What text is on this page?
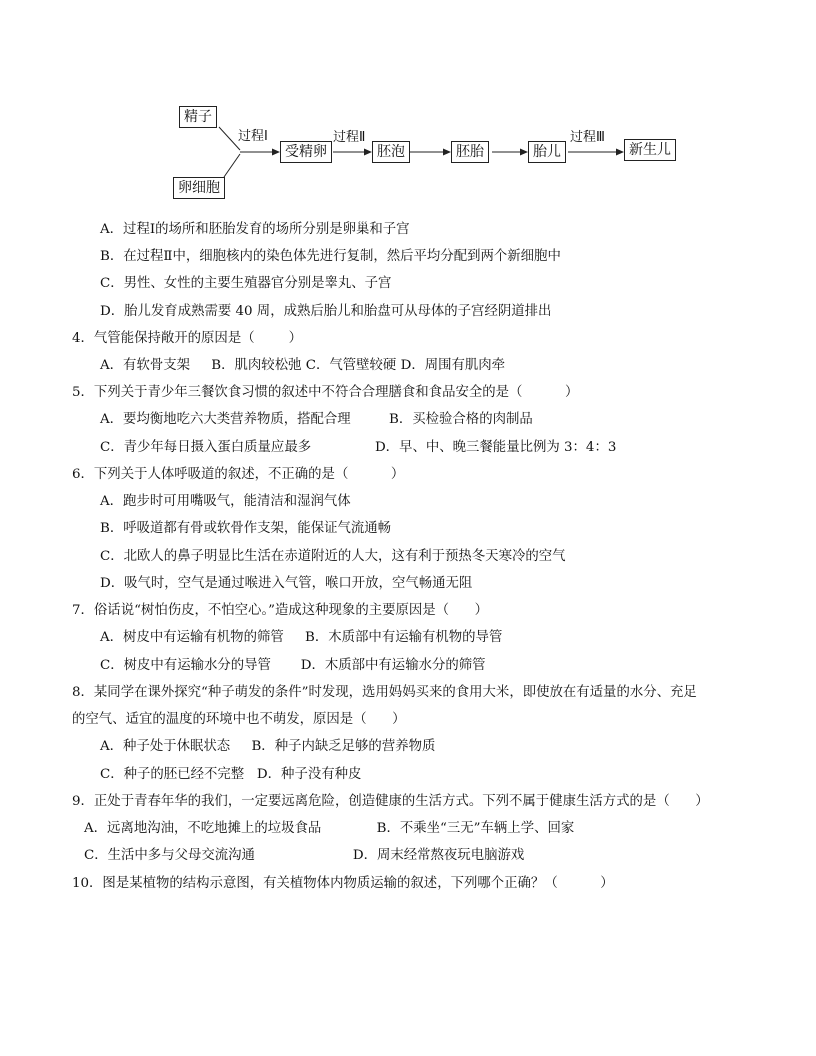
精子
卵细胞
过程Ⅰ
受精卵
过程Ⅱ
胚泡	胚胎	胎儿
过程Ⅲ
新生儿
A．过程Ⅰ的场所和胚胎发育的场所分别是卵巢和子宫
B．在过程Ⅱ中，细胞核内的染色体先进行复制，然后平均分配到两个新细胞中
C．男性、女性的主要生殖器官分别是睾丸、子宫
D．胎儿发育成熟需要 40 周，成熟后胎儿和胎盘可从母体的子宫经阴道排出
4．气管能保持敞开的原因是（        ）
A．有软骨支架     B．肌肉较松弛 C．气管壁较硬 D．周围有肌肉牵
5．下列关于青少年三餐饮食习惯的叙述中不符合合理膳食和食品安全的是（          ）
A．要均衡地吃六大类营养物质，搭配合理         B．买检验合格的肉制品
C．青少年每日摄入蛋白质量应最多               D．早、中、晚三餐能量比例为 3：4：3
6．下列关于人体呼吸道的叙述，不正确的是（          ）
A．跑步时可用嘴吸气，能清洁和湿润气体
B．呼吸道都有骨或软骨作支架，能保证气流通畅
C．北欧人的鼻子明显比生活在赤道附近的人大，这有利于预热冬天寒冷的空气
D．吸气时，空气是通过喉进入气管，喉口开放，空气畅通无阻
7．俗话说“树怕伤皮，不怕空心。”造成这种现象的主要原因是（      ）
A．树皮中有运输有机物的筛管     B．木质部中有运输有机物的导管
C．树皮中有运输水分的导管       D．木质部中有运输水分的筛管
8．某同学在课外探究“种子萌发的条件”时发现，选用妈妈买来的食用大米，即使放在有适量的水分、充足
的空气、适宜的温度的环境中也不萌发，原因是（      ）
A．种子处于休眠状态     B．种子内缺乏足够的营养物质
C．种子的胚已经不完整   D．种子没有种皮
9．正处于青春年华的我们，一定要远离危险，创造健康的生活方式。下列不属于健康生活方式的是（      ）
A．远离地沟油，不吃地摊上的垃圾食品             B．不乘坐“三无”车辆上学、回家
C．生活中多与父母交流沟通                       D．周末经常熬夜玩电脑游戏
10．图是某植物的结构示意图，有关植物体内物质运输的叙述，下列哪个正确？（          ）
